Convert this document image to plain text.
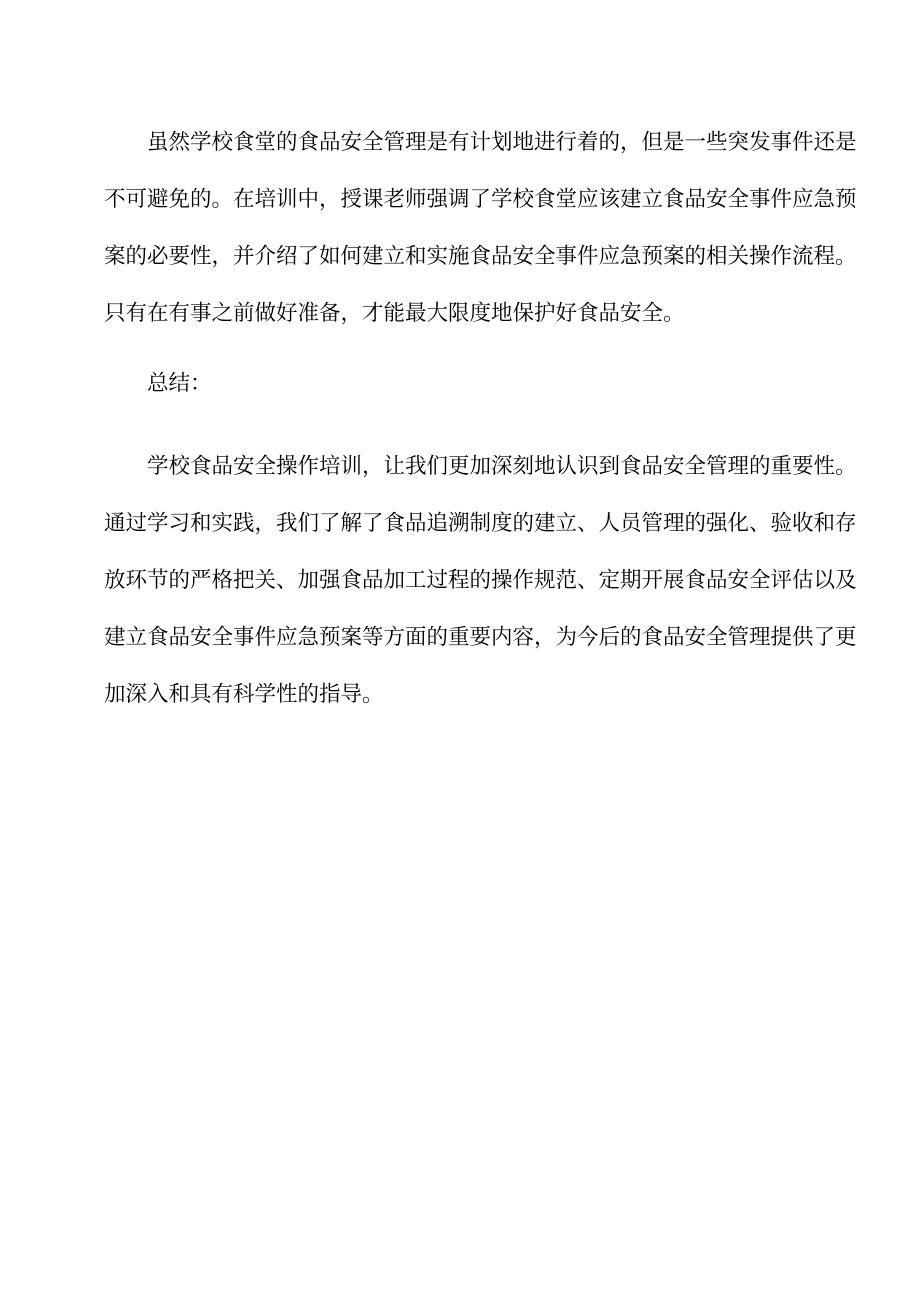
虽然学校食堂的食品安全管理是有计划地进行着的，但是一些突发事件还是
不可避免的。在培训中，授课老师强调了学校食堂应该建立食品安全事件应急预
案的必要性，并介绍了如何建立和实施食品安全事件应急预案的相关操作流程。
只有在有事之前做好准备，才能最大限度地保护好食品安全。
总结：
学校食品安全操作培训，让我们更加深刻地认识到食品安全管理的重要性。
通过学习和实践，我们了解了食品追溯制度的建立、人员管理的强化、验收和存
放环节的严格把关、加强食品加工过程的操作规范、定期开展食品安全评估以及
建立食品安全事件应急预案等方面的重要内容，为今后的食品安全管理提供了更
加深入和具有科学性的指导。
